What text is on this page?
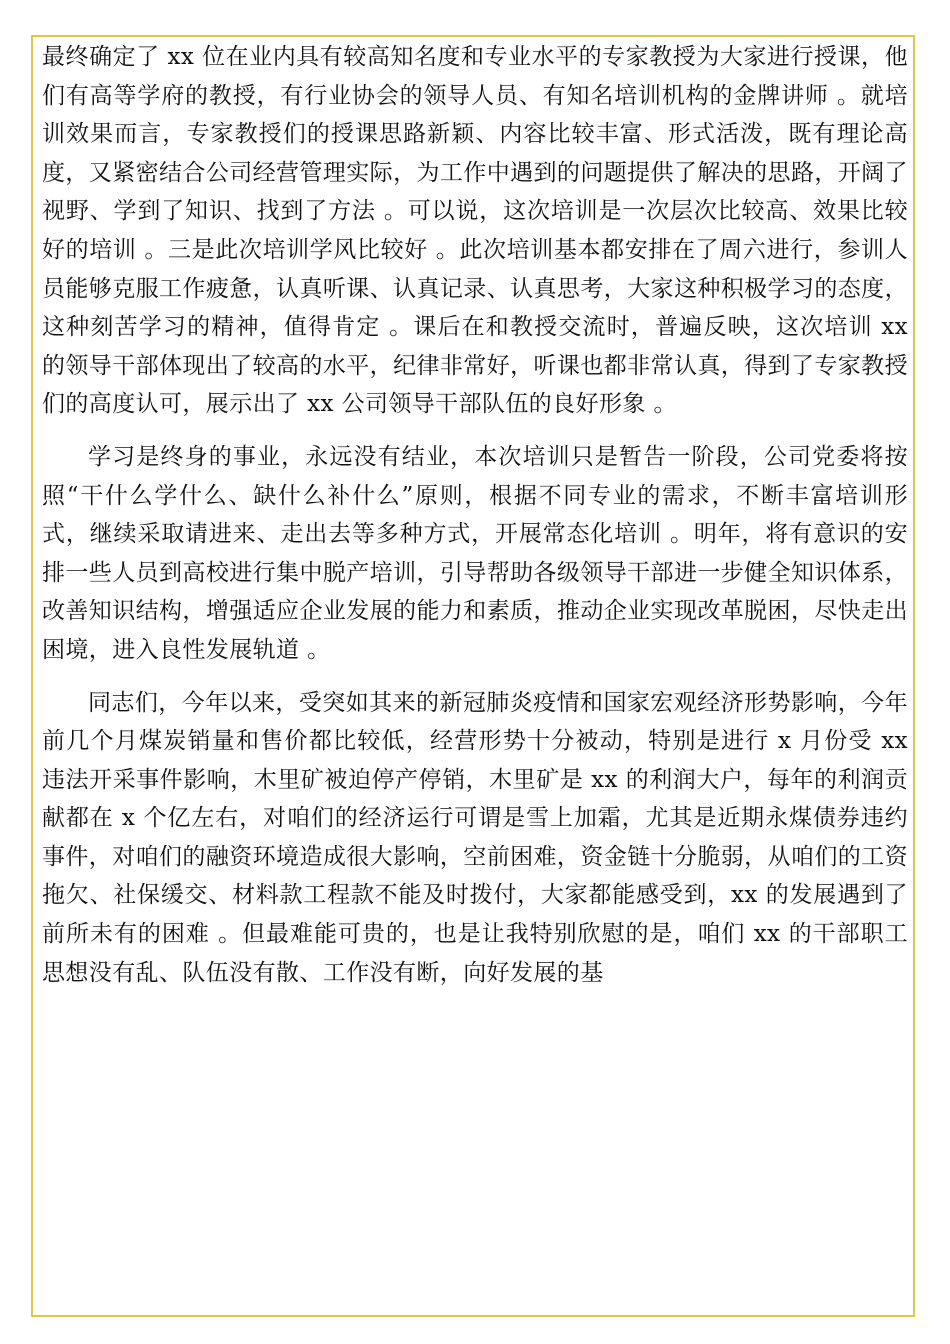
最终确定了 xx 位在业内具有较高知名度和专业水平的专家教授为大家进行授课，他们有高等学府的教授，有行业协会的领导人员、有知名培训机构的金牌讲师 。就培训效果而言，专家教授们的授课思路新颖、内容比较丰富、形式活泼，既有理论高度，又紧密结合公司经营管理实际，为工作中遇到的问题提供了解决的思路，开阔了视野、学到了知识、找到了方法 。可以说，这次培训是一次层次比较高、效果比较好的培训 。三是此次培训学风比较好 。此次培训基本都安排在了周六进行，参训人员能够克服工作疲惫，认真听课、认真记录、认真思考，大家这种积极学习的态度，这种刻苦学习的精神，值得肯定 。课后在和教授交流时，普遍反映，这次培训 xx 的领导干部体现出了较高的水平，纪律非常好，听课也都非常认真，得到了专家教授们的高度认可，展示出了 xx 公司领导干部队伍的良好形象 。

学习是终身的事业，永远没有结业，本次培训只是暂告一阶段，公司党委将按照“干什么学什么、缺什么补什么”原则，根据不同专业的需求，不断丰富培训形式，继续采取请进来、走出去等多种方式，开展常态化培训 。明年，将有意识的安排一些人员到高校进行集中脱产培训，引导帮助各级领导干部进一步健全知识体系，改善知识结构，增强适应企业发展的能力和素质，推动企业实现改革脱困，尽快走出困境，进入良性发展轨道 。

同志们，今年以来，受突如其来的新冠肺炎疫情和国家宏观经济形势影响，今年前几个月煤炭销量和售价都比较低，经营形势十分被动，特别是进行 x 月份受 xx 违法开采事件影响，木里矿被迫停产停销，木里矿是 xx 的利润大户，每年的利润贡献都在 x 个亿左右，对咱们的经济运行可谓是雪上加霜，尤其是近期永煤债券违约事件，对咱们的融资环境造成很大影响，空前困难，资金链十分脆弱，从咱们的工资拖欠、社保缓交、材料款工程款不能及时拨付，大家都能感受到，xx 的发展遇到了前所未有的困难 。但最难能可贵的，也是让我特别欣慰的是，咱们 xx 的干部职工思想没有乱、队伍没有散、工作没有断，向好发展的基
